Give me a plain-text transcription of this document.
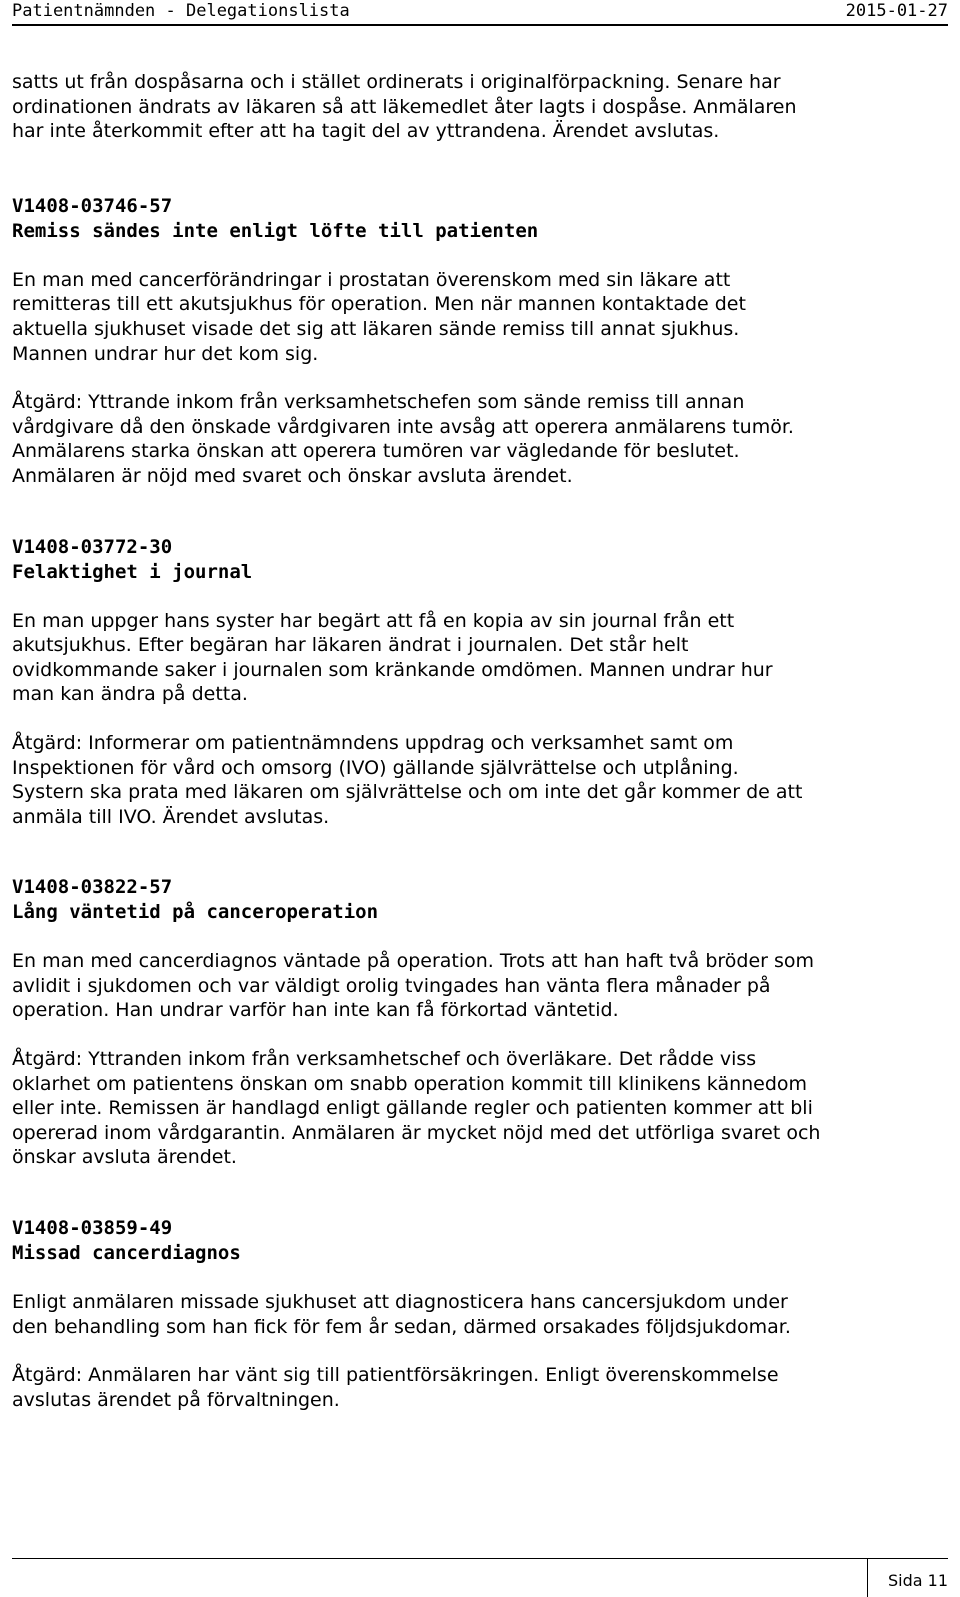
Patientnämnden - Delegationslista	2015-01-27
satts ut från dospåsarna och i stället ordinerats i originalförpackning. Senare har
ordinationen ändrats av läkaren så att läkemedlet åter lagts i dospåse. Anmälaren
har inte återkommit efter att ha tagit del av yttrandena. Ärendet avslutas.
V1408-03746-57
Remiss sändes inte enligt löfte till patienten
En man med cancerförändringar i prostatan överenskom med sin läkare att
remitteras till ett akutsjukhus för operation. Men när mannen kontaktade det
aktuella sjukhuset visade det sig att läkaren sände remiss till annat sjukhus.
Mannen undrar hur det kom sig.
Åtgärd: Yttrande inkom från verksamhetschefen som sände remiss till annan
vårdgivare då den önskade vårdgivaren inte avsåg att operera anmälarens tumör.
Anmälarens starka önskan att operera tumören var vägledande för beslutet.
Anmälaren är nöjd med svaret och önskar avsluta ärendet.
V1408-03772-30
Felaktighet i journal
En man uppger hans syster har begärt att få en kopia av sin journal från ett
akutsjukhus. Efter begäran har läkaren ändrat i journalen. Det står helt
ovidkommande saker i journalen som kränkande omdömen. Mannen undrar hur
man kan ändra på detta.
Åtgärd: Informerar om patientnämndens uppdrag och verksamhet samt om
Inspektionen för vård och omsorg (IVO) gällande självrättelse och utplåning.
Systern ska prata med läkaren om självrättelse och om inte det går kommer de att
anmäla till IVO. Ärendet avslutas.
V1408-03822-57
Lång väntetid på canceroperation
En man med cancerdiagnos väntade på operation. Trots att han haft två bröder som
avlidit i sjukdomen och var väldigt orolig tvingades han vänta flera månader på
operation. Han undrar varför han inte kan få förkortad väntetid.
Åtgärd: Yttranden inkom från verksamhetschef och överläkare. Det rådde viss
oklarhet om patientens önskan om snabb operation kommit till klinikens kännedom
eller inte. Remissen är handlagd enligt gällande regler och patienten kommer att bli
opererad inom vårdgarantin. Anmälaren är mycket nöjd med det utförliga svaret och
önskar avsluta ärendet.
V1408-03859-49
Missad cancerdiagnos
Enligt anmälaren missade sjukhuset att diagnosticera hans cancersjukdom under
den behandling som han fick för fem år sedan, därmed orsakades följdsjukdomar.
Åtgärd: Anmälaren har vänt sig till patientförsäkringen. Enligt överenskommelse
avslutas ärendet på förvaltningen.
Sida 11
